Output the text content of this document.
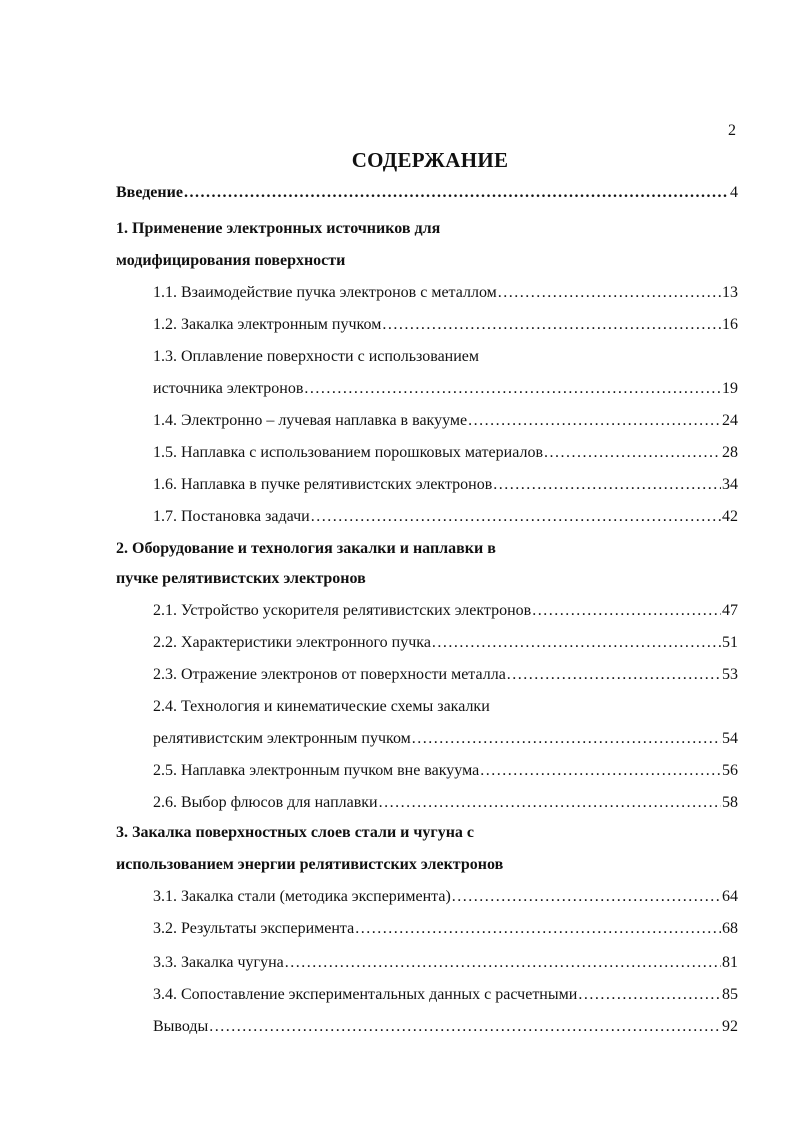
2
СОДЕРЖАНИЕ
Введение .....	4
1. Применение электронных источников для
модифицирования поверхности
1.1. Взаимодействие пучка электронов с металлом .....	13
1.2. Закалка электронным пучком .....	16
1.3. Оплавление поверхности с использованием
источника электронов .....	19
1.4. Электронно – лучевая наплавка в вакууме .....	24
1.5. Наплавка с использованием порошковых материалов .....	28
1.6. Наплавка в пучке релятивистских электронов .....	34
1.7. Постановка задачи .....	42
2. Оборудование и технология закалки и наплавки в
пучке релятивистских электронов
2.1. Устройство ускорителя релятивистских электронов .....	47
2.2. Характеристики электронного пучка .....	51
2.3. Отражение электронов от поверхности металла .....	53
2.4. Технология и кинематические схемы закалки
релятивистским электронным пучком .....	54
2.5. Наплавка электронным пучком вне вакуума .....	56
2.6. Выбор флюсов для наплавки .....	58
3. Закалка поверхностных слоев стали и чугуна с
использованием энергии релятивистских электронов
3.1. Закалка стали (методика эксперимента) .....	64
3.2. Результаты эксперимента .....	68
3.3. Закалка чугуна .....	81
3.4. Сопоставление экспериментальных данных с расчетными .....	85
Выводы .....	92
